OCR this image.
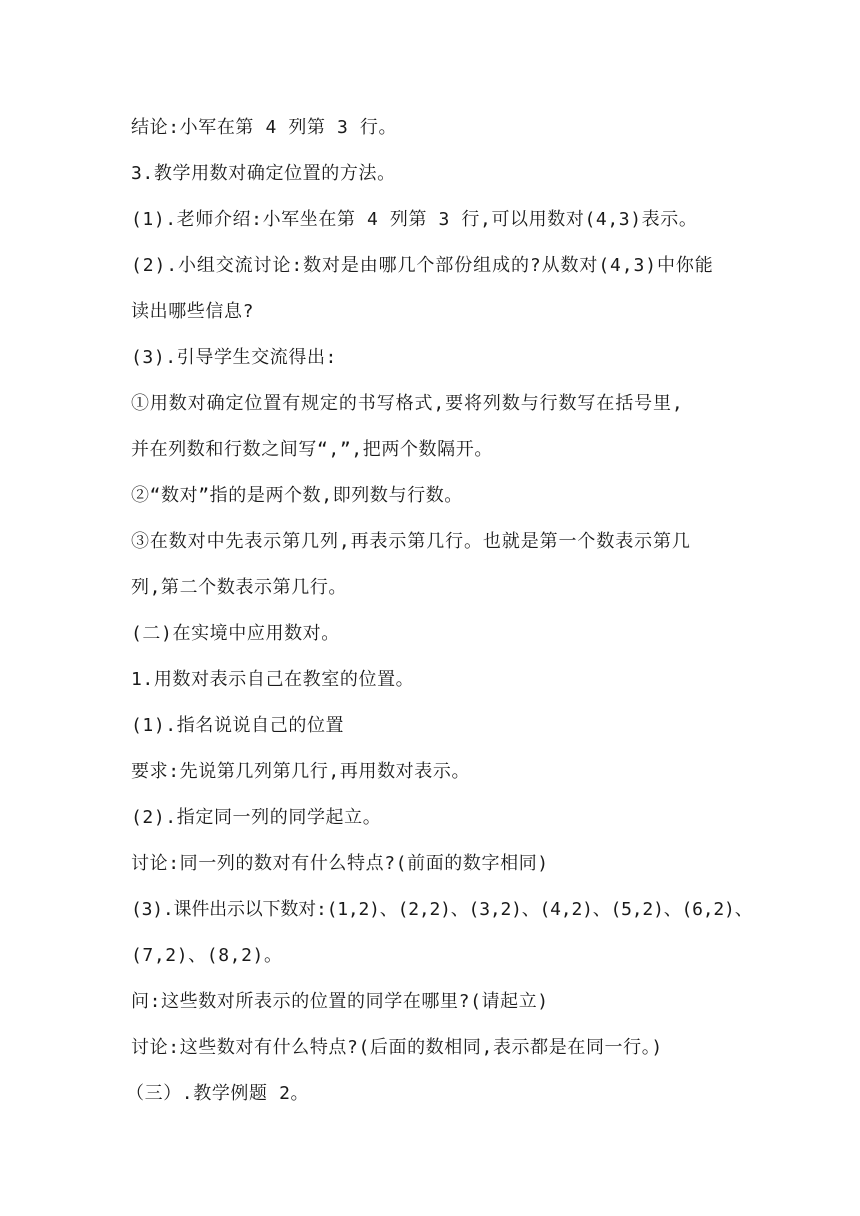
结论:小军在第 4 列第 3 行。
3.教学用数对确定位置的方法。
(1).老师介绍:小军坐在第 4 列第 3 行,可以用数对(4,3)表示。
(2).小组交流讨论:数对是由哪几个部份组成的?从数对(4,3)中你能
读出哪些信息?
(3).引导学生交流得出:
①用数对确定位置有规定的书写格式,要将列数与行数写在括号里,
并在列数和行数之间写“,”,把两个数隔开。
②“数对”指的是两个数,即列数与行数。
③在数对中先表示第几列,再表示第几行。也就是第一个数表示第几
列,第二个数表示第几行。
(二)在实境中应用数对。
1.用数对表示自己在教室的位置。
(1).指名说说自己的位置
要求:先说第几列第几行,再用数对表示。
(2).指定同一列的同学起立。
讨论:同一列的数对有什么特点?(前面的数字相同)
(3).课件出示以下数对:(1,2)、(2,2)、(3,2)、(4,2)、(5,2)、(6,2)、
(7,2)、(8,2)。
问:这些数对所表示的位置的同学在哪里?(请起立)
讨论:这些数对有什么特点?(后面的数相同,表示都是在同一行。)
（三）.教学例题 2。
